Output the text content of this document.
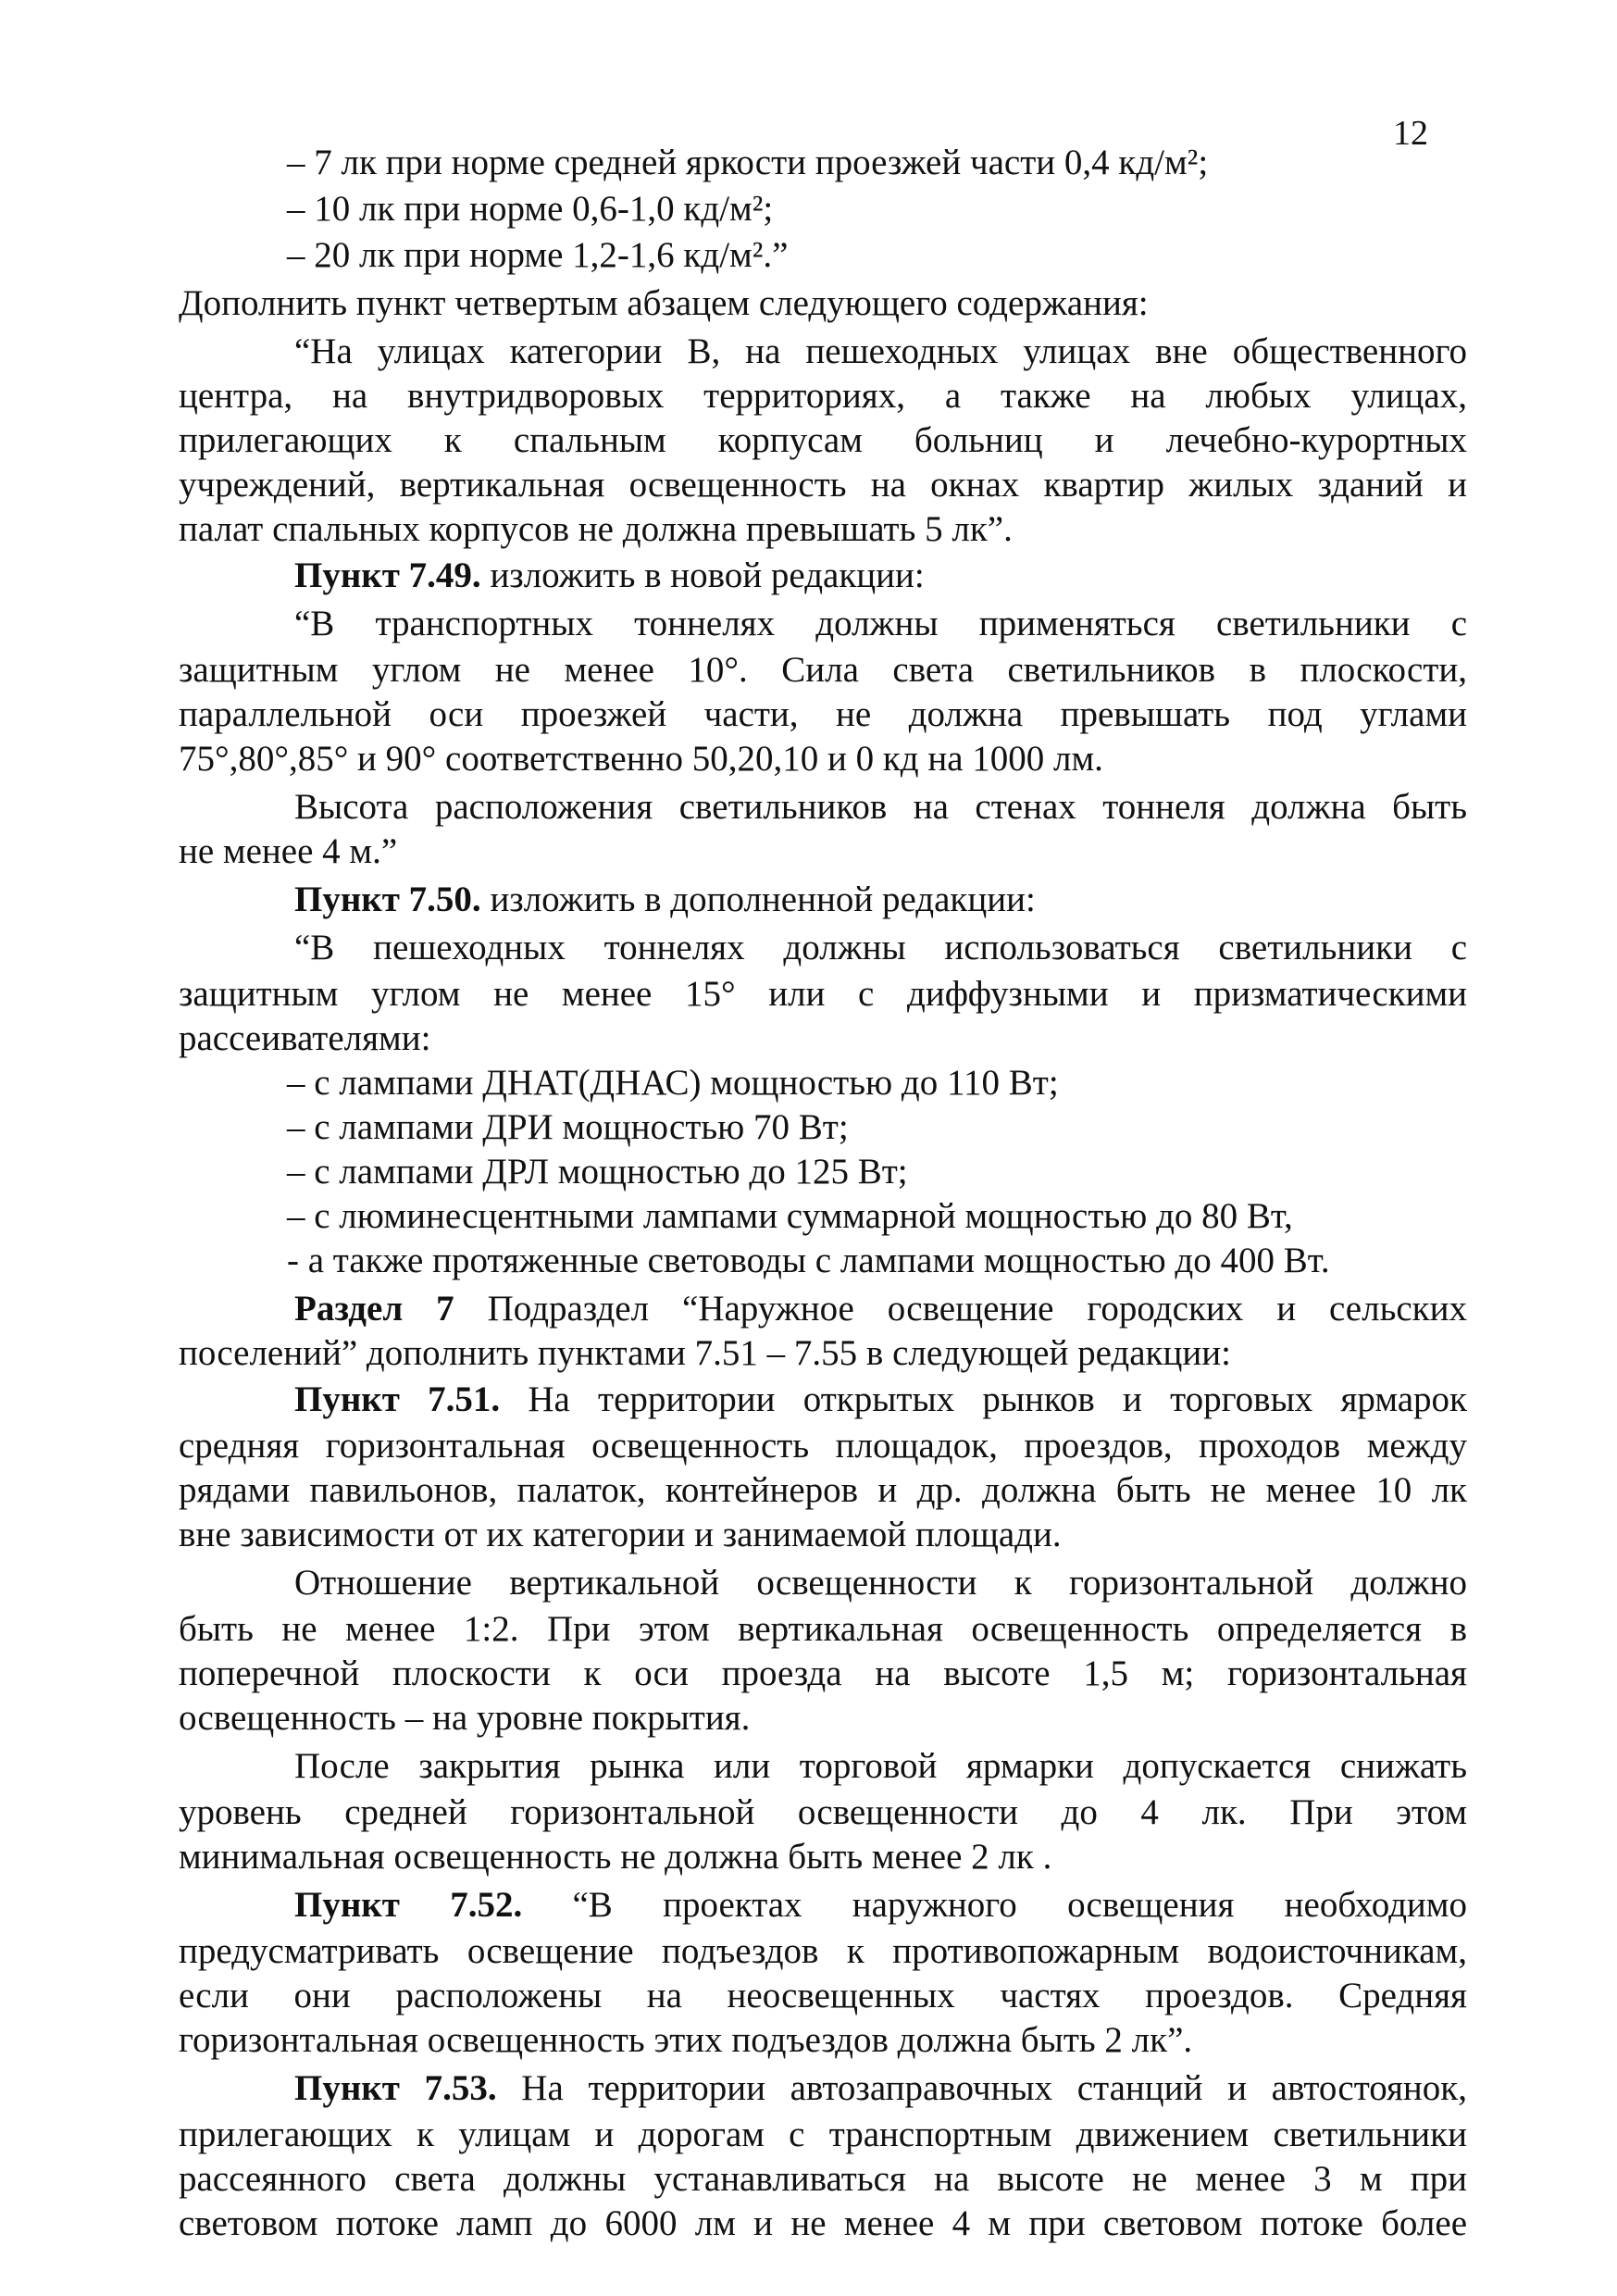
12
– 7 лк при норме средней яркости проезжей части 0,4 кд/м²;
– 10 лк при норме 0,6-1,0 кд/м²;
– 20 лк при норме 1,2-1,6 кд/м².”
Дополнить пункт четвертым абзацем следующего содержания:
“На улицах категории В, на пешеходных улицах вне общественного
центра, на внутридворовых территориях, а также на любых улицах,
прилегающих к спальным корпусам больниц и лечебно-курортных
учреждений, вертикальная освещенность на окнах квартир жилых зданий и
палат спальных корпусов не должна превышать 5 лк”.
Пункт 7.49. изложить в новой редакции:
“В транспортных тоннелях должны применяться светильники с
защитным углом не менее 10°. Сила света светильников в плоскости,
параллельной оси проезжей части, не должна превышать под углами
75°,80°,85° и 90° соответственно 50,20,10 и 0 кд на 1000 лм.
Высота расположения светильников на стенах тоннеля должна быть
не менее 4 м.”
Пункт 7.50. изложить в дополненной редакции:
“В пешеходных тоннелях должны использоваться светильники с
защитным углом не менее 15° или с диффузными и призматическими
рассеивателями:
– с лампами ДНАТ(ДНАС) мощностью до 110 Вт;
– с лампами ДРИ мощностью 70 Вт;
– с лампами ДРЛ мощностью до 125 Вт;
– с люминесцентными лампами суммарной мощностью до 80 Вт,
- а также протяженные световоды с лампами мощностью до 400 Вт.
Раздел 7 Подраздел “Наружное освещение городских и сельских
поселений” дополнить пунктами 7.51 – 7.55 в следующей редакции:
Пункт 7.51. На территории открытых рынков и торговых ярмарок
средняя горизонтальная освещенность площадок, проездов, проходов между
рядами павильонов, палаток, контейнеров и др. должна быть не менее 10 лк
вне зависимости от их категории и занимаемой площади.
Отношение вертикальной освещенности к горизонтальной должно
быть не менее 1:2. При этом вертикальная освещенность определяется в
поперечной плоскости к оси проезда на высоте 1,5 м; горизонтальная
освещенность – на уровне покрытия.
После закрытия рынка или торговой ярмарки допускается снижать
уровень средней горизонтальной освещенности до 4 лк. При этом
минимальная освещенность не должна быть менее 2 лк .
Пункт 7.52. “В проектах наружного освещения необходимо
предусматривать освещение подъездов к противопожарным водоисточникам,
если они расположены на неосвещенных частях проездов. Средняя
горизонтальная освещенность этих подъездов должна быть 2 лк”.
Пункт 7.53. На территории автозаправочных станций и автостоянок,
прилегающих к улицам и дорогам с транспортным движением светильники
рассеянного света должны устанавливаться на высоте не менее 3 м при
световом потоке ламп до 6000 лм и не менее 4 м при световом потоке более
